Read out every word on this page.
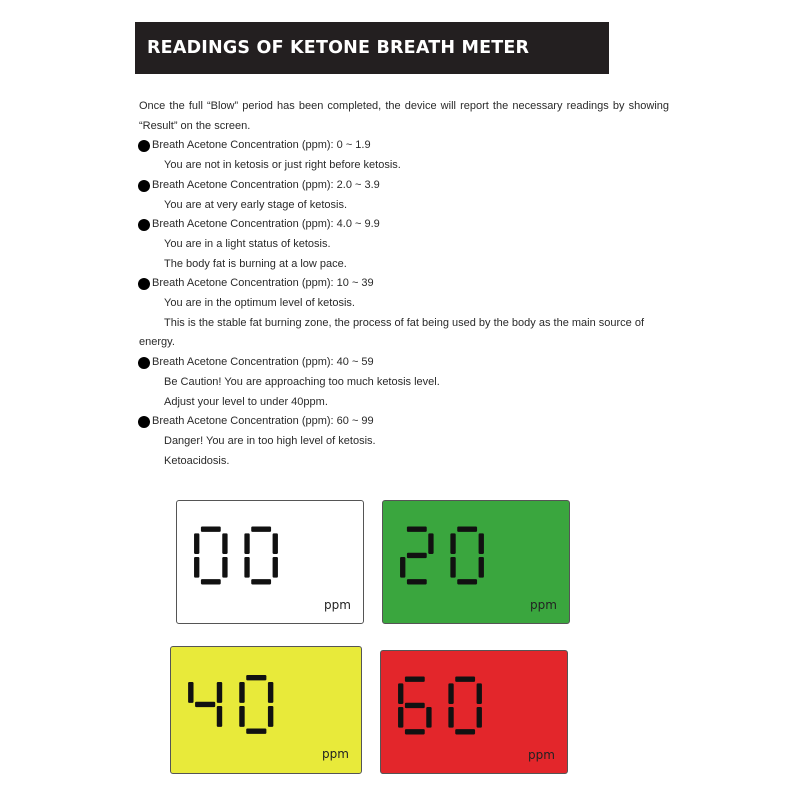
READINGS OF KETONE BREATH METER

Once the full “Blow” period has been completed, the device will report the necessary readings by showing “Result” on the screen.

Breath Acetone Concentration (ppm): 0 ~ 1.9

You are not in ketosis or just right before ketosis.

Breath Acetone Concentration (ppm): 2.0 ~ 3.9

You are at very early stage of ketosis.

Breath Acetone Concentration (ppm): 4.0 ~ 9.9

You are in a light status of ketosis.

The body fat is burning at a low pace.

Breath Acetone Concentration (ppm): 10 ~ 39

You are in the optimum level of ketosis.

This is the stable fat burning zone, the process of fat being used by the body as the main source of energy.

Breath Acetone Concentration (ppm): 40 ~ 59

Be Caution! You are approaching too much ketosis level.

Adjust your level to under 40ppm.

Breath Acetone Concentration (ppm): 60 ~ 99

Danger! You are in too high level of ketosis.

Ketoacidosis.

ppm	ppm
ppm	ppm
